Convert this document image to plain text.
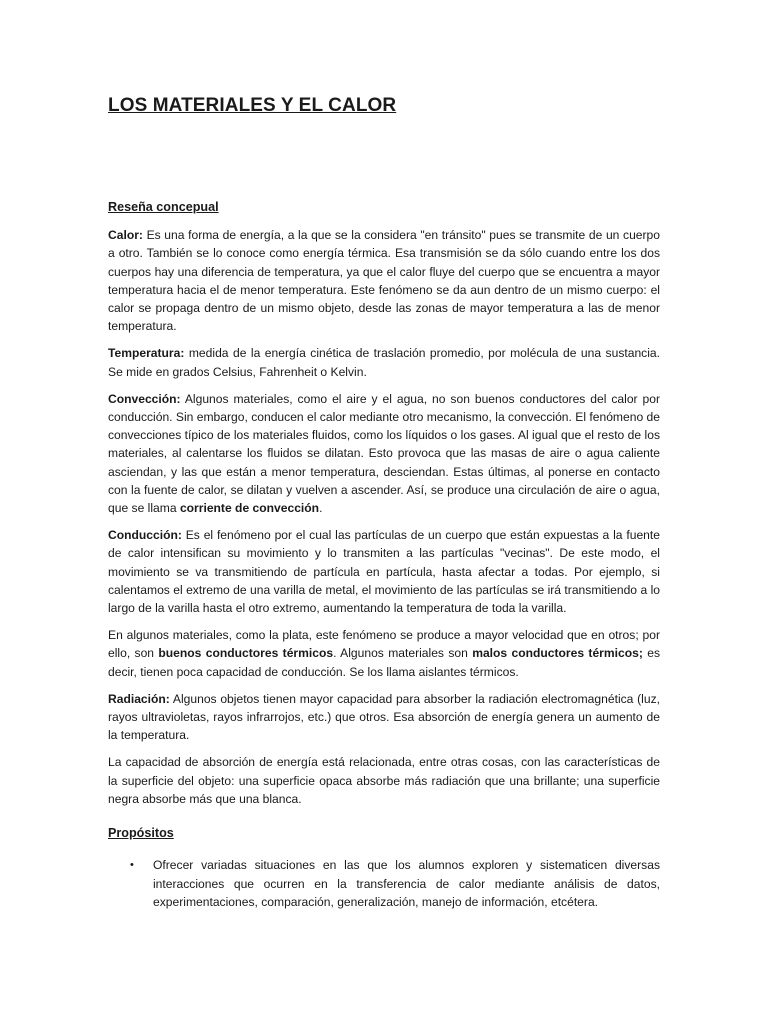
LOS MATERIALES Y EL CALOR

Reseña concepual

Calor: Es una forma de energía, a la que se la considera "en tránsito" pues se transmite de un cuerpo a otro. También se lo conoce como energía térmica. Esa transmisión se da sólo cuando entre los dos cuerpos hay una diferencia de temperatura, ya que el calor fluye del cuerpo que se encuentra a mayor temperatura hacia el de menor temperatura. Este fenómeno se da aun dentro de un mismo cuerpo: el calor se propaga dentro de un mismo objeto, desde las zonas de mayor temperatura a las de menor temperatura.

Temperatura: medida de la energía cinética de traslación promedio, por molécula de una sustancia. Se mide en grados Celsius, Fahrenheit o Kelvin.

Convección: Algunos materiales, como el aire y el agua, no son buenos conductores del calor por conducción. Sin embargo, conducen el calor mediante otro mecanismo, la convección. El fenómeno de convecciones típico de los materiales fluidos, como los líquidos o los gases. Al igual que el resto de los materiales, al calentarse los fluidos se dilatan. Esto provoca que las masas de aire o agua caliente asciendan, y las que están a menor temperatura, desciendan. Estas últimas, al ponerse en contacto con la fuente de calor, se dilatan y vuelven a ascender. Así, se produce una circulación de aire o agua, que se llama corriente de convección.

Conducción: Es el fenómeno por el cual las partículas de un cuerpo que están expuestas a la fuente de calor intensifican su movimiento y lo transmiten a las partículas "vecinas". De este modo, el movimiento se va transmitiendo de partícula en partícula, hasta afectar a todas. Por ejemplo, si calentamos el extremo de una varilla de metal, el movimiento de las partículas se irá transmitiendo a lo largo de la varilla hasta el otro extremo, aumentando la temperatura de toda la varilla.

En algunos materiales, como la plata, este fenómeno se produce a mayor velocidad que en otros; por ello, son buenos conductores térmicos. Algunos materiales son malos conductores térmicos; es decir, tienen poca capacidad de conducción. Se los llama aislantes térmicos.

Radiación: Algunos objetos tienen mayor capacidad para absorber la radiación electromagnética (luz, rayos ultravioletas, rayos infrarrojos, etc.) que otros. Esa absorción de energía genera un aumento de la temperatura.

La capacidad de absorción de energía está relacionada, entre otras cosas, con las características de la superficie del objeto: una superficie opaca absorbe más radiación que una brillante; una superficie negra absorbe más que una blanca.

Propósitos

• Ofrecer variadas situaciones en las que los alumnos exploren y sistematicen diversas interacciones que ocurren en la transferencia de calor mediante análisis de datos, experimentaciones, comparación, generalización, manejo de información, etcétera.
